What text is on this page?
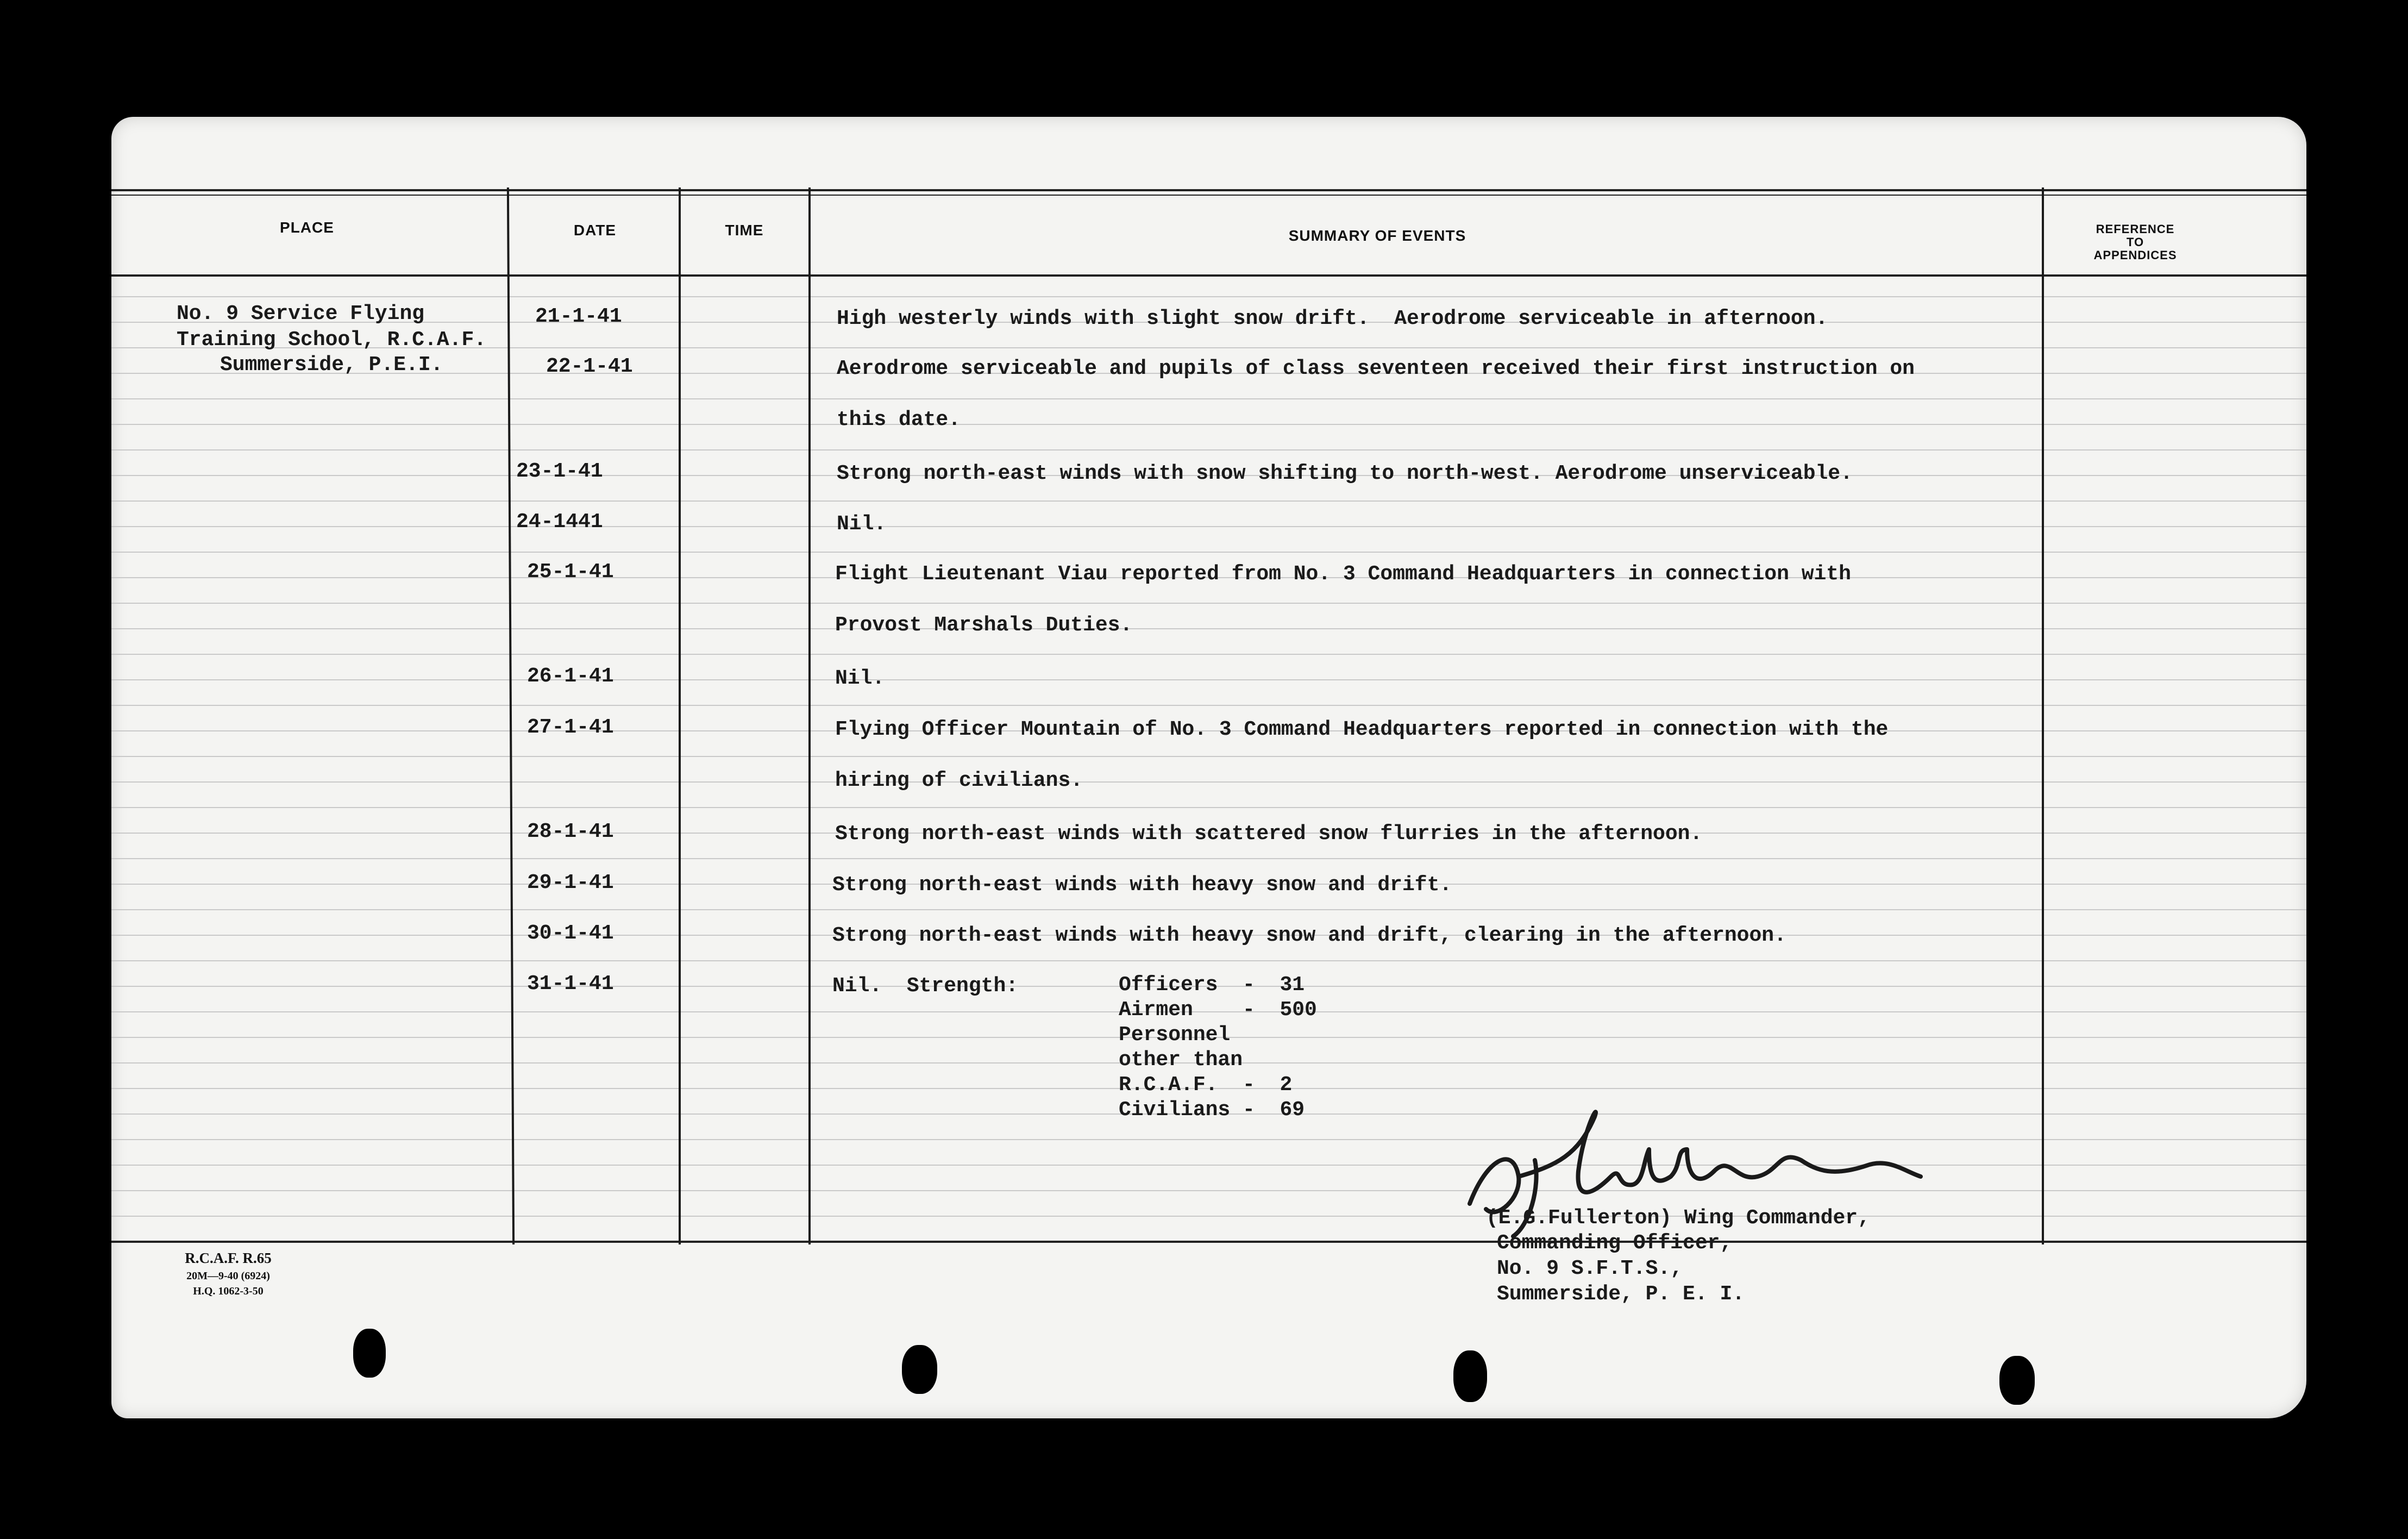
PLACE	DATE	TIME	SUMMARY OF EVENTS	REFERENCE
TO
APPENDICES
No. 9 Service Flying
Training School, R.C.A.F.
Summerside, P.E.I.
21-1-41	High westerly winds with slight snow drift.  Aerodrome serviceable in afternoon.
22-1-41	Aerodrome serviceable and pupils of class seventeen received their first instruction on
this date.
23-1-41	Strong north-east winds with snow shifting to north-west. Aerodrome unserviceable.
24-1441	Nil.
25-1-41	Flight Lieutenant Viau reported from No. 3 Command Headquarters in connection with
Provost Marshals Duties.
26-1-41	Nil.
27-1-41	Flying Officer Mountain of No. 3 Command Headquarters reported in connection with the
hiring of civilians.
28-1-41	Strong north-east winds with scattered snow flurries in the afternoon.
29-1-41	Strong north-east winds with heavy snow and drift.
30-1-41	Strong north-east winds with heavy snow and drift, clearing in the afternoon.
31-1-41	Nil.  Strength:	Officers  -  31
Airmen    -  500
Personnel
other than
R.C.A.F.  -  2
Civilians -  69
(E.G.Fullerton) Wing Commander,
Commanding Officer,
No. 9 S.F.T.S.,
Summerside, P. E. I.
R.C.A.F. R.65
20M—9-40 (6924)
H.Q. 1062-3-50
